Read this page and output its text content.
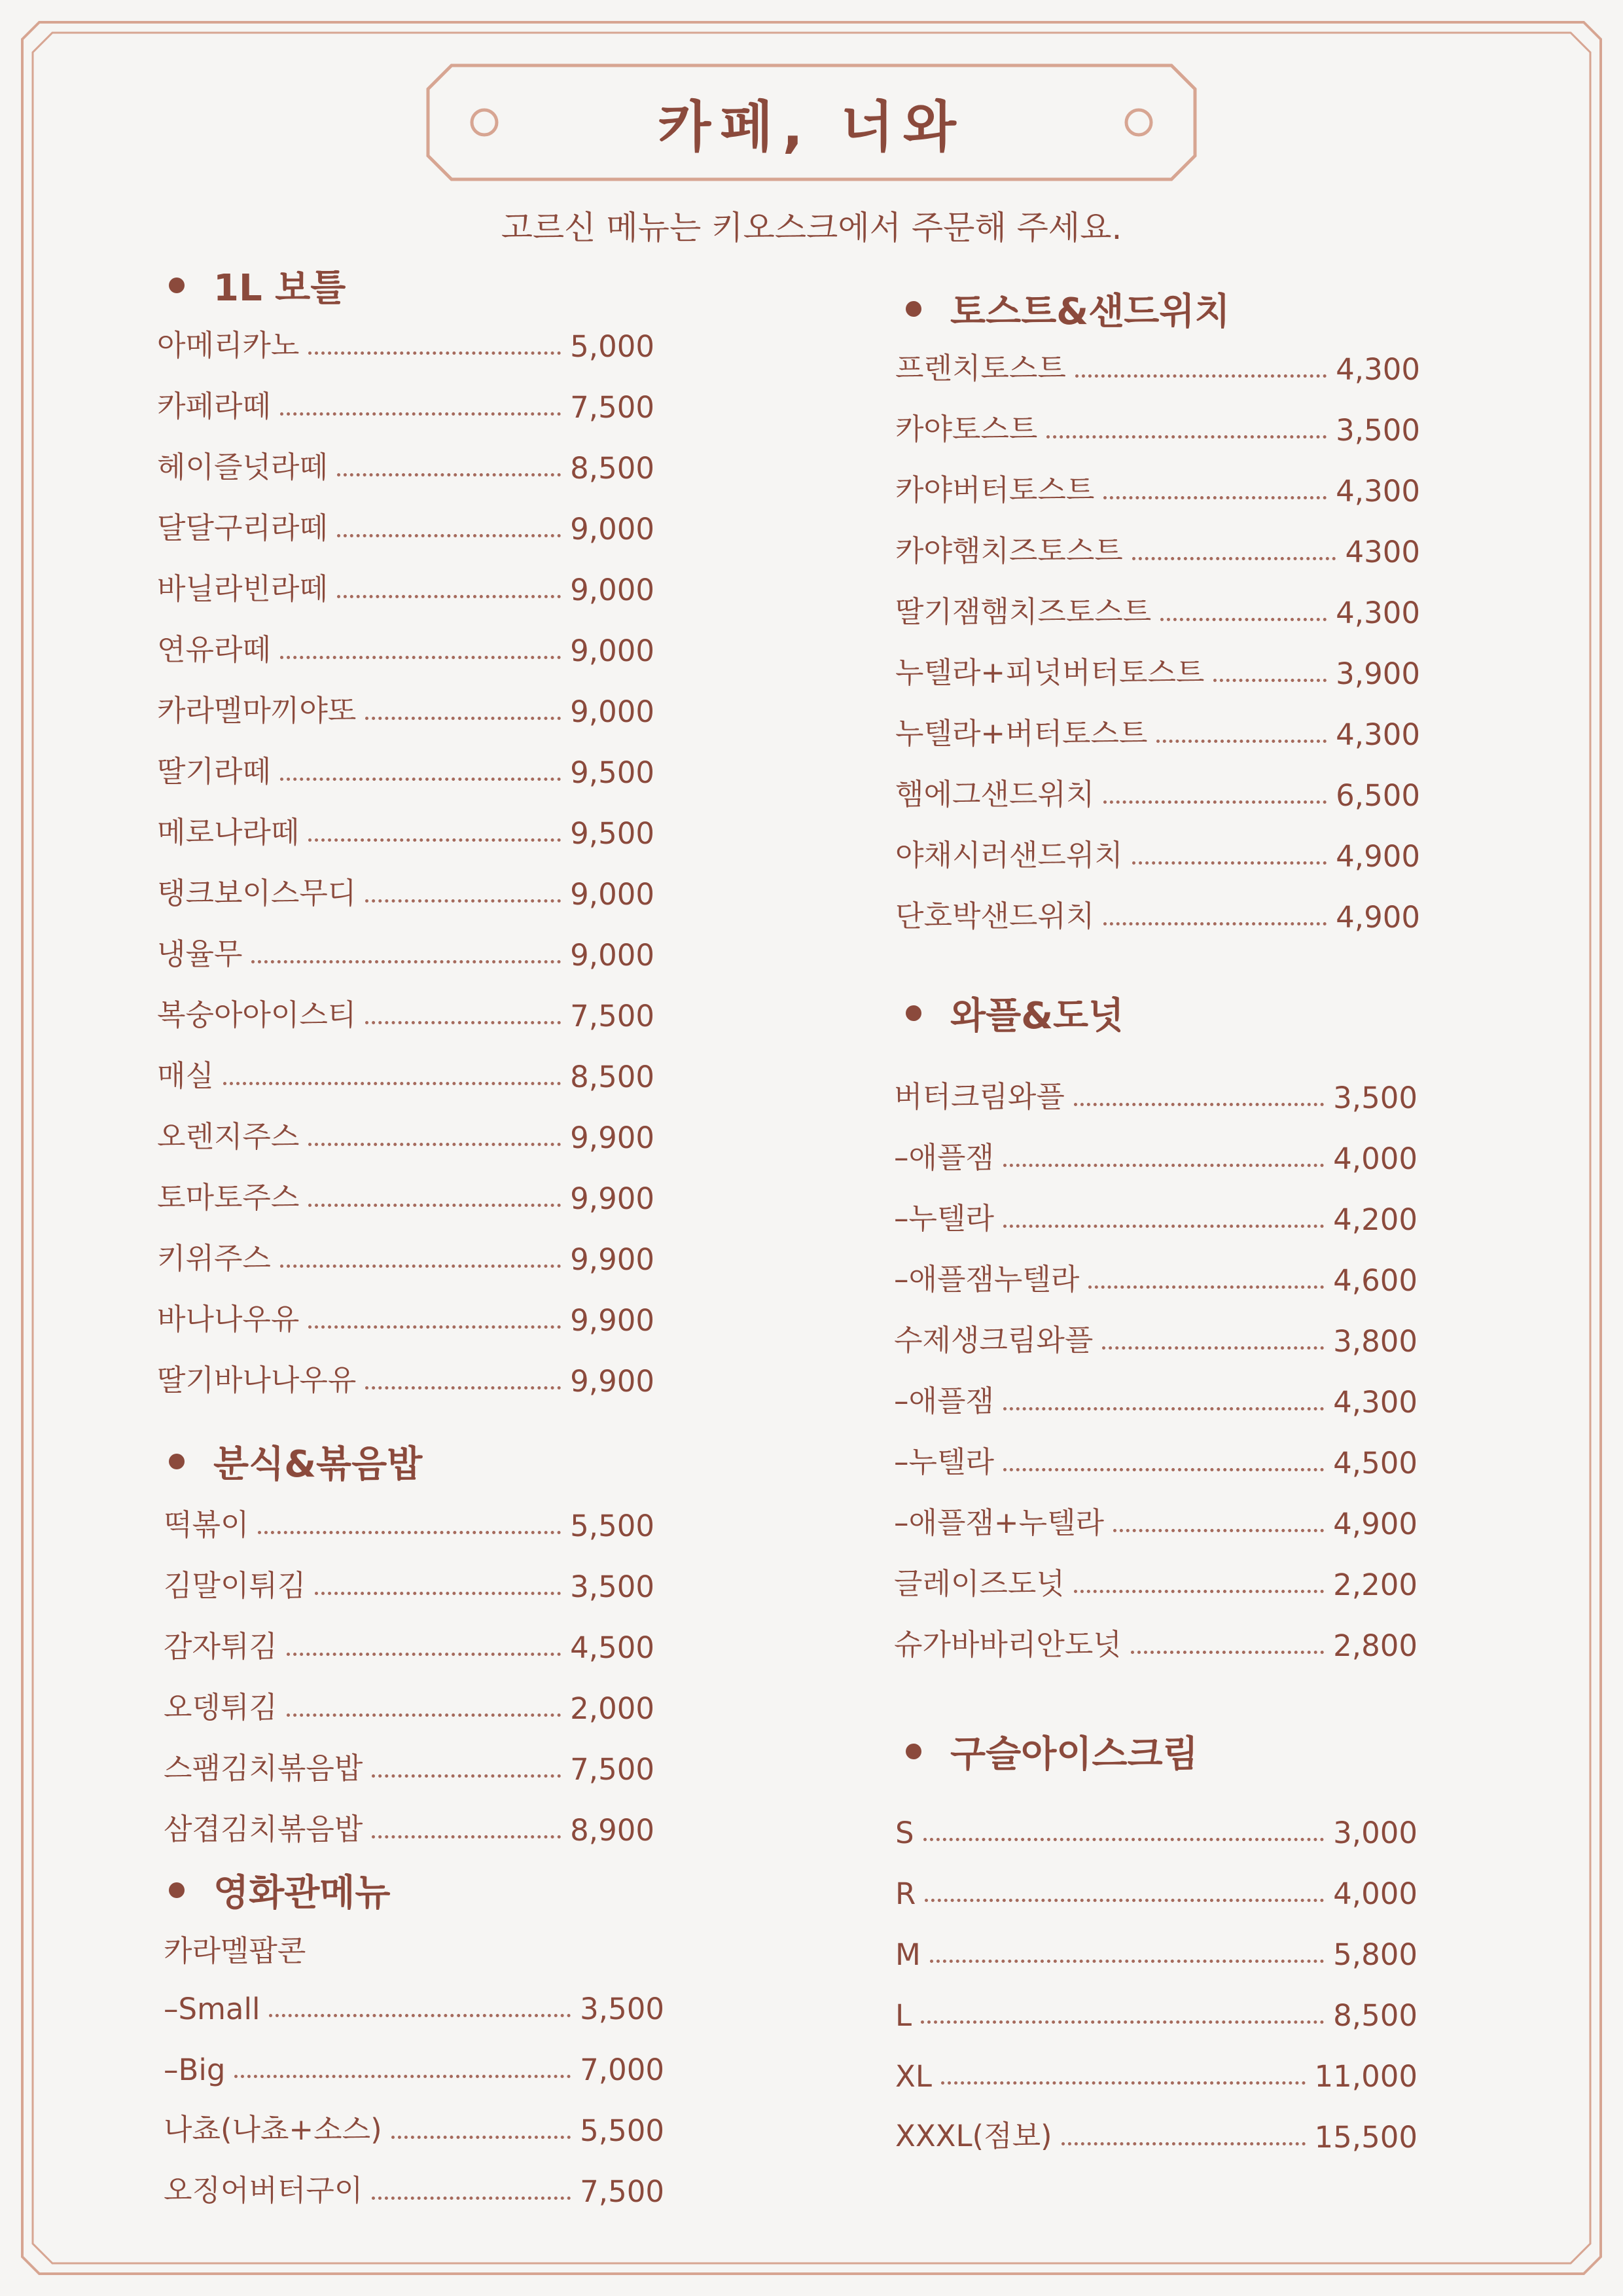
카페, 너와
고르신 메뉴는 키오스크에서 주문해 주세요.
1L 보틀
아메리카노	5,000
카페라떼	7,500
헤이즐넛라떼	8,500
달달구리라떼	9,000
바닐라빈라떼	9,000
연유라떼	9,000
카라멜마끼야또	9,000
딸기라떼	9,500
메로나라떼	9,500
탱크보이스무디	9,000
냉율무	9,000
복숭아아이스티	7,500
매실	8,500
오렌지주스	9,900
토마토주스	9,900
키위주스	9,900
바나나우유	9,900
딸기바나나우유	9,900
분식&볶음밥
떡볶이	5,500
김말이튀김	3,500
감자튀김	4,500
오뎅튀김	2,000
스팸김치볶음밥	7,500
삼겹김치볶음밥	8,900
영화관메뉴
카라멜팝콘
–Small	3,500
–Big	7,000
나쵸(나쵸+소스)	5,500
오징어버터구이	7,500
토스트&샌드위치
프렌치토스트	4,300
카야토스트	3,500
카야버터토스트	4,300
카야햄치즈토스트	4300
딸기잼햄치즈토스트	4,300
누텔라+피넛버터토스트	3,900
누텔라+버터토스트	4,300
햄에그샌드위치	6,500
야채시러샌드위치	4,900
단호박샌드위치	4,900
와플&도넛
버터크림와플	3,500
–애플잼	4,000
–누텔라	4,200
–애플잼누텔라	4,600
수제생크림와플	3,800
–애플잼	4,300
–누텔라	4,500
–애플잼+누텔라	4,900
글레이즈도넛	2,200
슈가바바리안도넛	2,800
구슬아이스크림
S	3,000
R	4,000
M	5,800
L	8,500
XL	11,000
XXXL(점보)	15,500
